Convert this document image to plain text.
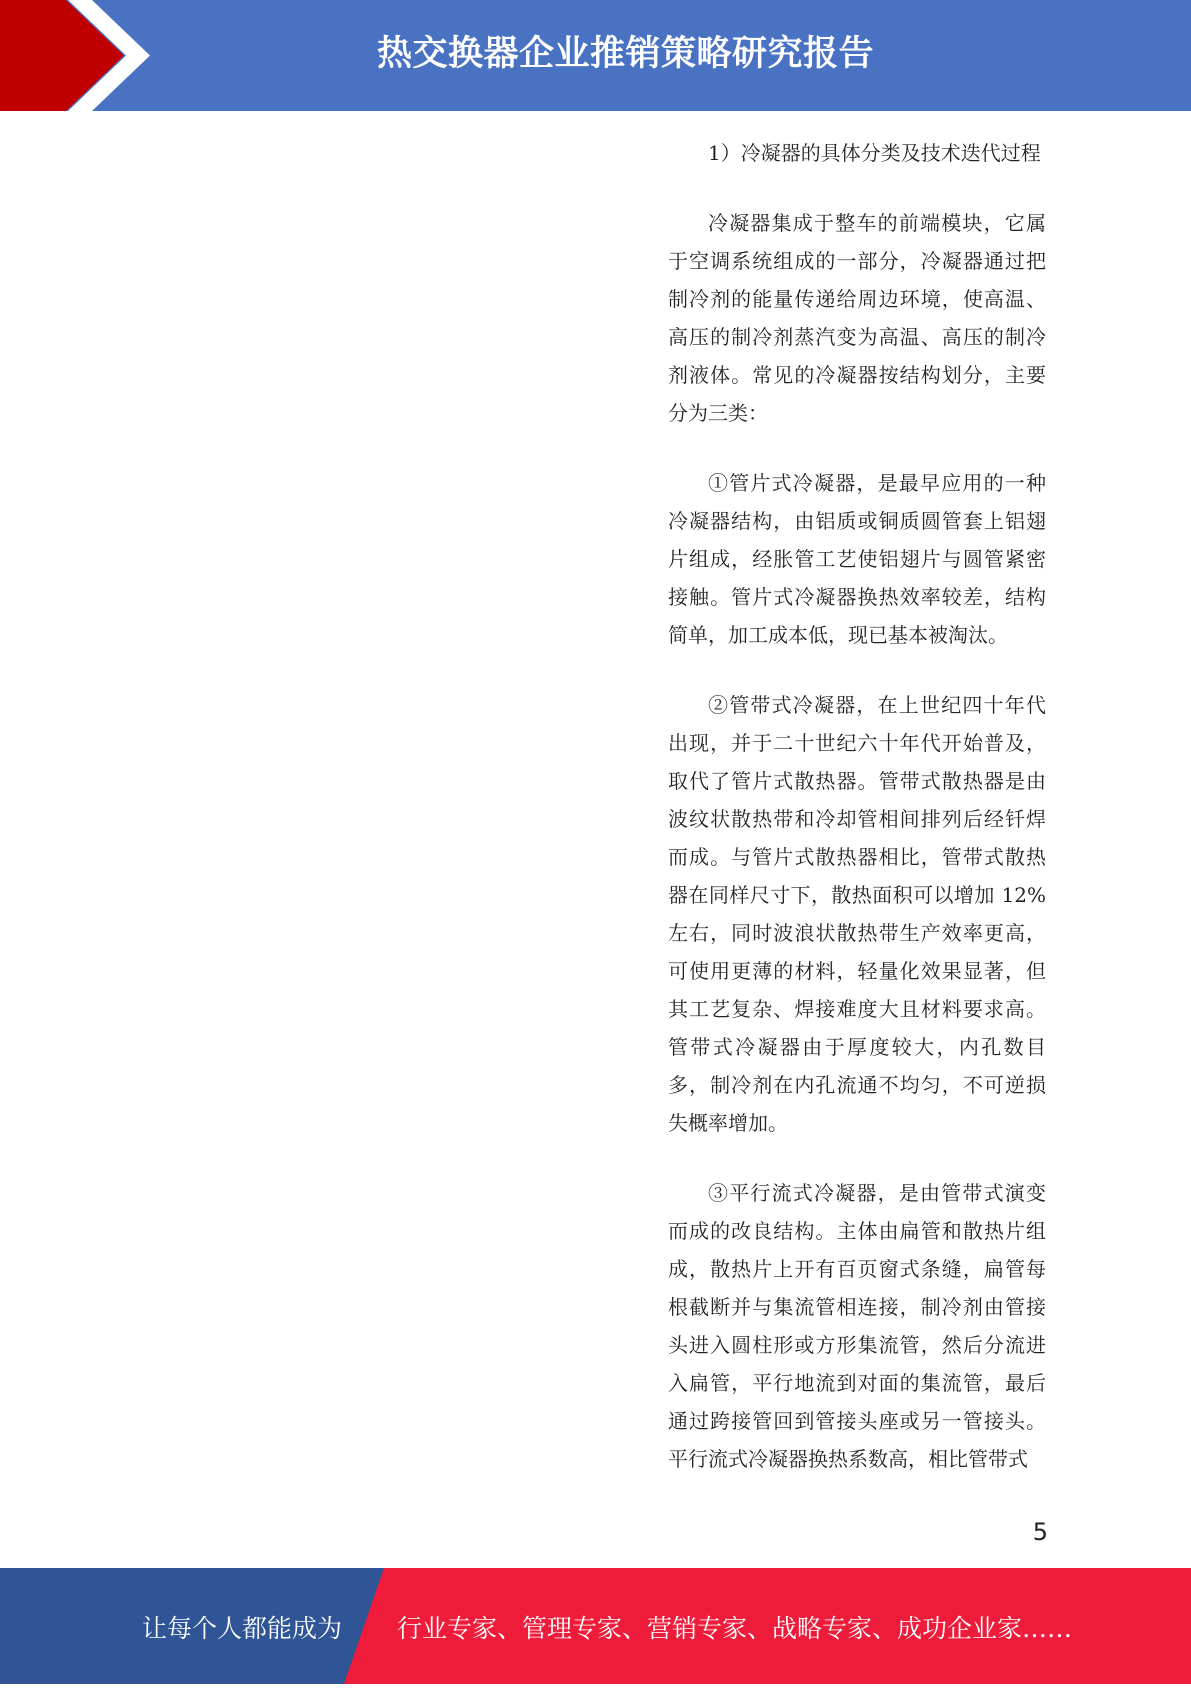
热交换器企业推销策略研究报告

1）冷凝器的具体分类及技术迭代过程

冷凝器集成于整车的前端模块，它属于空调系统组成的一部分，冷凝器通过把制冷剂的能量传递给周边环境，使高温、高压的制冷剂蒸汽变为高温、高压的制冷剂液体。常见的冷凝器按结构划分，主要分为三类：

①管片式冷凝器，是最早应用的一种冷凝器结构，由铝质或铜质圆管套上铝翅片组成，经胀管工艺使铝翅片与圆管紧密接触。管片式冷凝器换热效率较差，结构简单，加工成本低，现已基本被淘汰。

②管带式冷凝器，在上世纪四十年代出现，并于二十世纪六十年代开始普及，取代了管片式散热器。管带式散热器是由波纹状散热带和冷却管相间排列后经钎焊而成。与管片式散热器相比，管带式散热器在同样尺寸下，散热面积可以增加 12%左右，同时波浪状散热带生产效率更高，可使用更薄的材料，轻量化效果显著，但其工艺复杂、焊接难度大且材料要求高。管带式冷凝器由于厚度较大，内孔数目多，制冷剂在内孔流通不均匀，不可逆损失概率增加。

③平行流式冷凝器，是由管带式演变而成的改良结构。主体由扁管和散热片组成，散热片上开有百页窗式条缝，扁管每根截断并与集流管相连接，制冷剂由管接头进入圆柱形或方形集流管，然后分流进入扁管，平行地流到对面的集流管，最后通过跨接管回到管接头座或另一管接头。平行流式冷凝器换热系数高，相比管带式

5
让每个人都能成为 行业专家、管理专家、营销专家、战略专家、成功企业家……
